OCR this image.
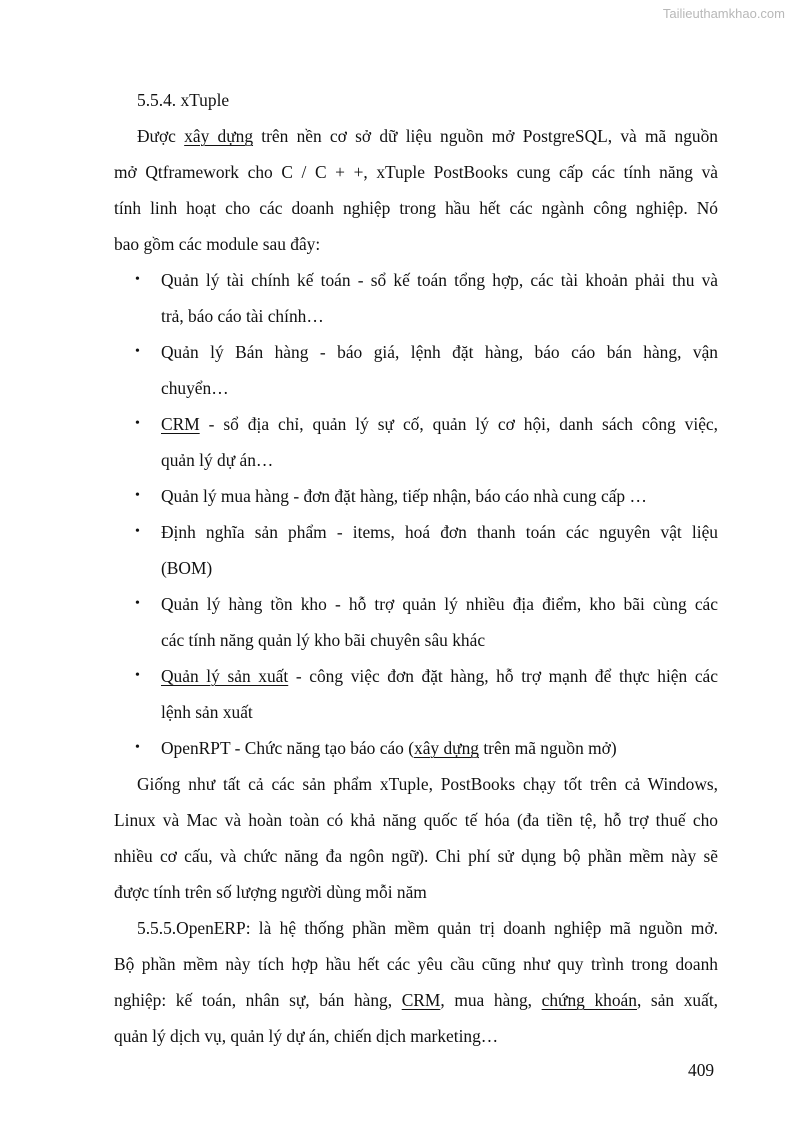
Tailieuthamkhao.com
5.5.4. xTuple
Được xây dựng trên nền cơ sở dữ liệu nguồn mở PostgreSQL, và mã nguồn
mở Qtframework cho C / C + +, xTuple PostBooks cung cấp các tính năng và
tính linh hoạt cho các doanh nghiệp trong hầu hết các ngành công nghiệp. Nó
bao gồm các module sau đây:
• Quản lý tài chính kế toán - sổ kế toán tổng hợp, các tài khoản phải thu và
trả, báo cáo tài chính…
• Quản lý Bán hàng - báo giá, lệnh đặt hàng, báo cáo bán hàng, vận
chuyển…
• CRM - sổ địa chỉ, quản lý sự cố, quản lý cơ hội, danh sách công việc,
quản lý dự án…
• Quản lý mua hàng - đơn đặt hàng, tiếp nhận, báo cáo nhà cung cấp …
• Định nghĩa sản phẩm - items, hoá đơn thanh toán các nguyên vật liệu
(BOM)
• Quản lý hàng tồn kho - hỗ trợ quản lý nhiều địa điểm, kho bãi cùng các
các tính năng quản lý kho bãi chuyên sâu khác
• Quản lý sản xuất - công việc đơn đặt hàng, hỗ trợ mạnh để thực hiện các
lệnh sản xuất
• OpenRPT - Chức năng tạo báo cáo (xây dựng trên mã nguồn mở)
Giống như tất cả các sản phẩm xTuple, PostBooks chạy tốt trên cả Windows,
Linux và Mac và hoàn toàn có khả năng quốc tế hóa (đa tiền tệ, hỗ trợ thuế cho
nhiều cơ cấu, và chức năng đa ngôn ngữ). Chi phí sử dụng bộ phần mềm này sẽ
được tính trên số lượng người dùng mỗi năm
5.5.5.OpenERP: là hệ thống phần mềm quản trị doanh nghiệp mã nguồn mở.
Bộ phần mềm này tích hợp hầu hết các yêu cầu cũng như quy trình trong doanh
nghiệp: kế toán, nhân sự, bán hàng, CRM, mua hàng, chứng khoán, sản xuất,
quản lý dịch vụ, quản lý dự án, chiến dịch marketing…
409
